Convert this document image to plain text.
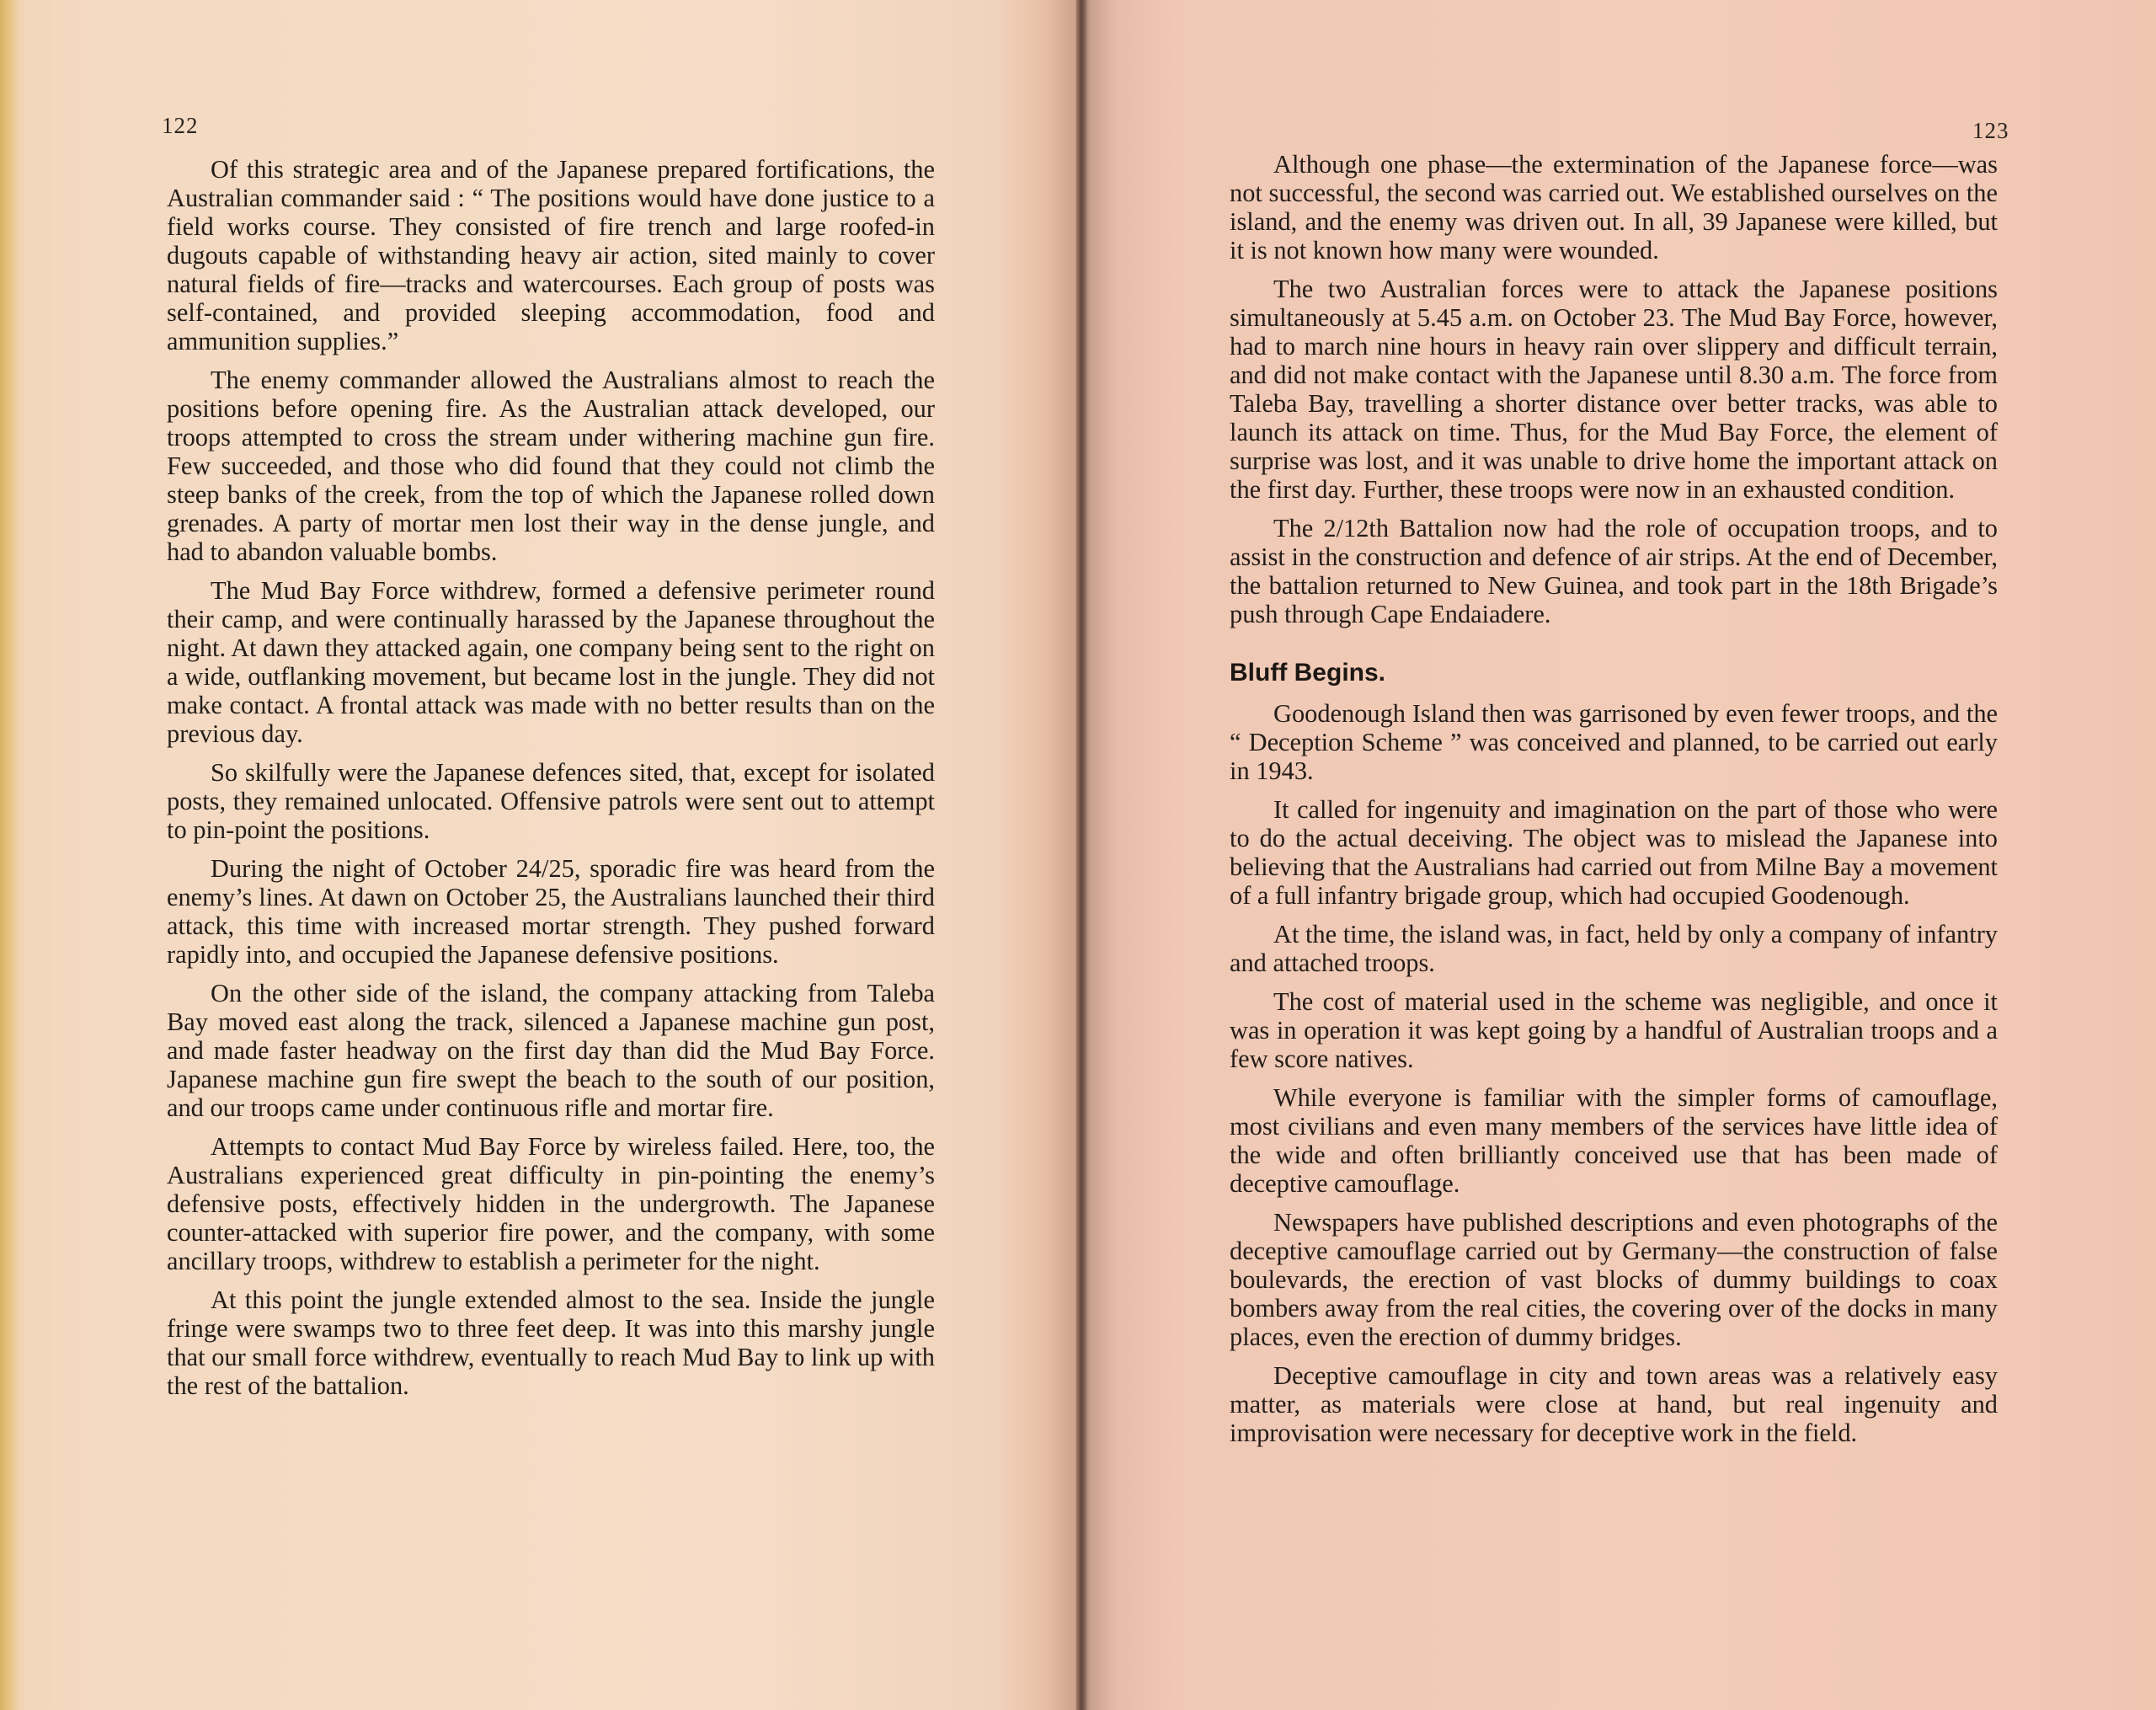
122

Of this strategic area and of the Japanese prepared fortifications, the Australian commander said : “ The positions would have done justice to a field works course. They consisted of fire trench and large roofed-in dugouts capable of withstanding heavy air action, sited mainly to cover natural fields of fire—tracks and watercourses. Each group of posts was self-contained, and provided sleeping accommodation, food and ammunition supplies.”

The enemy commander allowed the Australians almost to reach the positions before opening fire. As the Australian attack developed, our troops attempted to cross the stream under withering machine gun fire. Few succeeded, and those who did found that they could not climb the steep banks of the creek, from the top of which the Japanese rolled down grenades. A party of mortar men lost their way in the dense jungle, and had to abandon valuable bombs.

The Mud Bay Force withdrew, formed a defensive perimeter round their camp, and were continually harassed by the Japanese throughout the night. At dawn they attacked again, one company being sent to the right on a wide, outflanking movement, but became lost in the jungle. They did not make contact. A frontal attack was made with no better results than on the previous day.

So skilfully were the Japanese defences sited, that, except for isolated posts, they remained unlocated. Offensive patrols were sent out to attempt to pin-point the positions.

During the night of October 24/25, sporadic fire was heard from the enemy’s lines. At dawn on October 25, the Australians launched their third attack, this time with increased mortar strength. They pushed forward rapidly into, and occupied the Japanese defensive positions.

On the other side of the island, the company attacking from Taleba Bay moved east along the track, silenced a Japanese machine gun post, and made faster headway on the first day than did the Mud Bay Force. Japanese machine gun fire swept the beach to the south of our position, and our troops came under continuous rifle and mortar fire.

Attempts to contact Mud Bay Force by wireless failed. Here, too, the Australians experienced great difficulty in pin-pointing the enemy’s defensive posts, effectively hidden in the undergrowth. The Japanese counter-attacked with superior fire power, and the company, with some ancillary troops, withdrew to establish a perimeter for the night.

At this point the jungle extended almost to the sea. Inside the jungle fringe were swamps two to three feet deep. It was into this marshy jungle that our small force withdrew, eventually to reach Mud Bay to link up with the rest of the battalion.

123

Although one phase—the extermination of the Japanese force—was not successful, the second was carried out. We established ourselves on the island, and the enemy was driven out. In all, 39 Japanese were killed, but it is not known how many were wounded.

The two Australian forces were to attack the Japanese positions simultaneously at 5.45 a.m. on October 23. The Mud Bay Force, however, had to march nine hours in heavy rain over slippery and difficult terrain, and did not make contact with the Japanese until 8.30 a.m. The force from Taleba Bay, travelling a shorter distance over better tracks, was able to launch its attack on time. Thus, for the Mud Bay Force, the element of surprise was lost, and it was unable to drive home the important attack on the first day. Further, these troops were now in an exhausted condition.

The 2/12th Battalion now had the role of occupation troops, and to assist in the construction and defence of air strips. At the end of December, the battalion returned to New Guinea, and took part in the 18th Brigade’s push through Cape Endaiadere.

Bluff Begins.

Goodenough Island then was garrisoned by even fewer troops, and the “ Deception Scheme ” was conceived and planned, to be carried out early in 1943.

It called for ingenuity and imagination on the part of those who were to do the actual deceiving. The object was to mislead the Japanese into believing that the Australians had carried out from Milne Bay a movement of a full infantry brigade group, which had occupied Goodenough.

At the time, the island was, in fact, held by only a company of infantry and attached troops.

The cost of material used in the scheme was negligible, and once it was in operation it was kept going by a handful of Australian troops and a few score natives.

While everyone is familiar with the simpler forms of camouflage, most civilians and even many members of the services have little idea of the wide and often brilliantly conceived use that has been made of deceptive camouflage.

Newspapers have published descriptions and even photographs of the deceptive camouflage carried out by Germany—the construction of false boulevards, the erection of vast blocks of dummy buildings to coax bombers away from the real cities, the covering over of the docks in many places, even the erection of dummy bridges.

Deceptive camouflage in city and town areas was a relatively easy matter, as materials were close at hand, but real ingenuity and improvisation were necessary for deceptive work in the field.
